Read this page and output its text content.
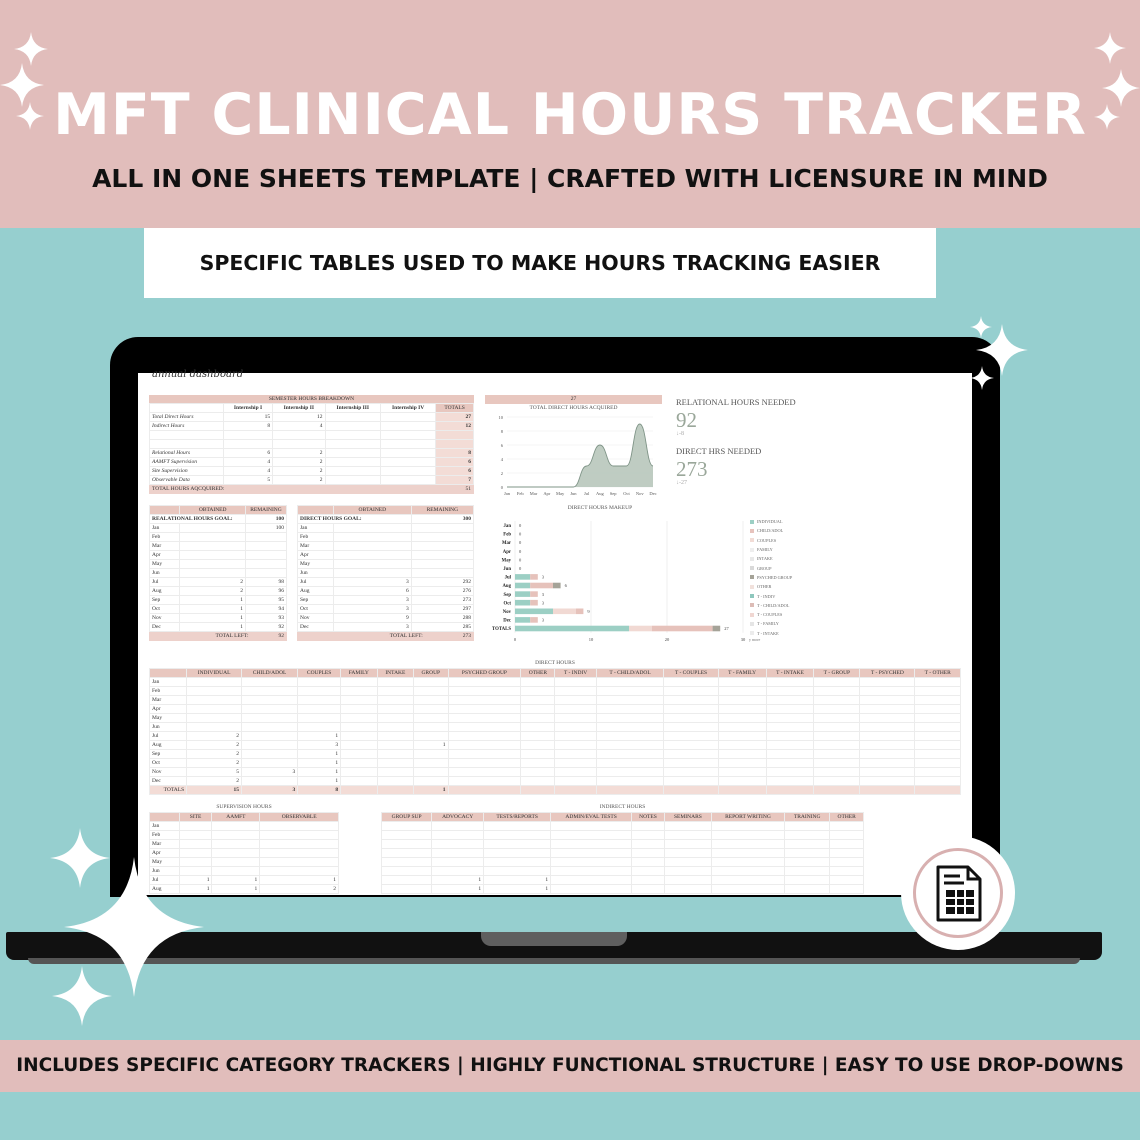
MFT CLINICAL HOURS TRACKER
ALL IN ONE SHEETS TEMPLATE | CRAFTED WITH LICENSURE IN MIND
SPECIFIC TABLES USED TO MAKE HOURS TRACKING EASIER
annual dashboard
SEMESTER HOURS BREAKDOWN
	Internship I	Internship II	Internship III	Internship IV	TOTALS
Total Direct Hours	15	12			27
Indirect Hours	8	4			12

Relational Hours	6	2			8
AAMFT Supervision	4	2			6
Site Supervision	4	2			6
Observable Data	5	2			7
TOTAL HOURS AQCQUIRED:	51
	OBTAINED	REMAINING
REALATIONAL HOURS GOAL:		100
Jan		100
Feb		
Mar		
Apr		
May		
Jun		
Jul	2	98
Aug	2	96
Sep	1	95
Oct	1	94
Nov	1	93
Dec	1	92
TOTAL LEFT:	92
	OBTAINED	REMAINING
DIRECT HOURS GOAL:		300
Jan		
Feb		
Mar		
Apr		
May		
Jun		
Jul	3	292
Aug	6	276
Sep	3	273
Oct	3	297
Nov	9	288
Dec	3	285
TOTAL LEFT:	273
27
TOTAL DIRECT HOURS ACQUIRED
10
8
6
4
2
0
Jan Feb Mar Apr May Jun Jul Aug Sep Oct Nov Dec
RELATIONAL HOURS NEEDED
92
↓-8
DIRECT HRS NEEDED
273
↓-27
DIRECT HOURS MAKEUP
0	10	20	30 y more
Jan 0
Feb 0
Mar 0
Apr 0
May 0
Jun 0
Jul	3
Aug	6
Sep	3
Oct	3
Nov	9
Dec	3
TOTALS	27
INDIVIDUAL
CHILD/ADOL
COUPLES
FAMILY
INTAKE
GROUP
PSYCHED GROUP
OTHER
T - INDIV
T - CHILD/ADOL
T - COUPLES
T - FAMILY
T - INTAKE
DIRECT HOURS
	INDIVIDUAL	CHILD/ADOL	COUPLES	FAMILY	INTAKE	GROUP	PSYCHED GROUP	OTHER	T - INDIV	T - CHILD/ADOL	T - COUPLES	T - FAMILY	T - INTAKE	T - GROUP	T - PSYCHED	T - OTHER
Jan																
Feb																
Mar																
Apr																
May																
Jun																
Jul	2		1													
Aug	2		3			1										
Sep	2		1													
Oct	2		1													
Nov	5	3	1													
Dec	2		1													
TOTALS	15	3	8			1										
SUPERVISION HOURS
	SITE	AAMFT	OBSERVABLE
Jan			
Feb			
Mar			
Apr			
May			
Jun			
Jul	1	1	1
Aug	1	1	2
INDIRECT HOURS
GROUP SUP	ADVOCACY	TESTS/REPORTS	ADMIN/EVAL TESTS	NOTES	SEMINARS	REPORT WRITING	TRAINING	OTHER

	1	1						
	1	1						
INCLUDES SPECIFIC CATEGORY TRACKERS | HIGHLY FUNCTIONAL STRUCTURE | EASY TO USE DROP-DOWNS
